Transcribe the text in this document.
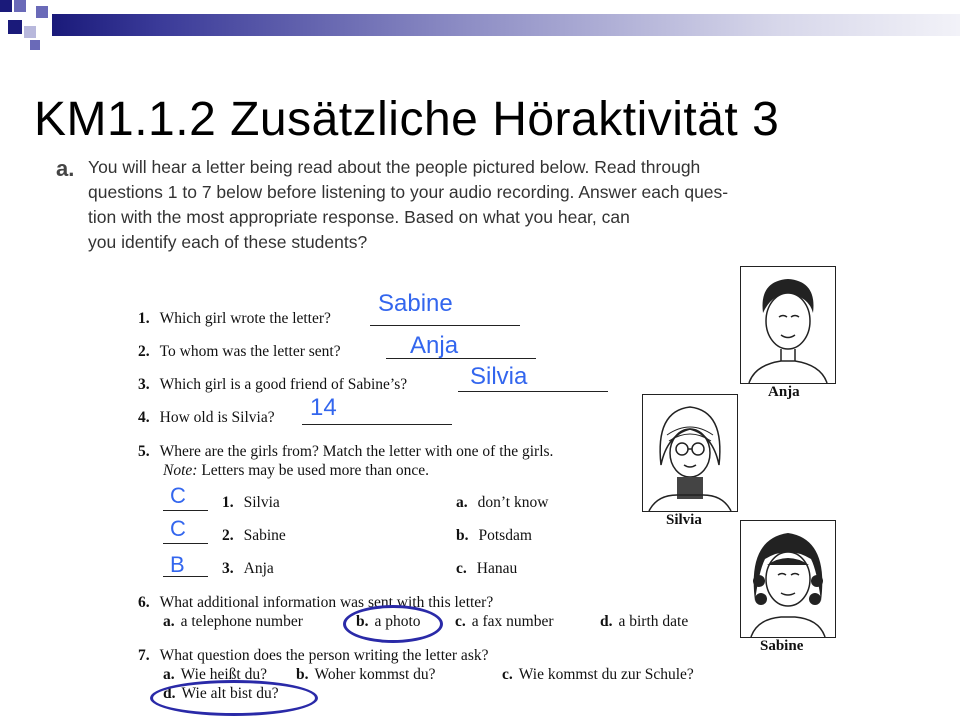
KM1.1.2 Zusätzliche Höraktivität 3
a. You will hear a letter being read about the people pictured below. Read through
questions 1 to 7 below before listening to your audio recording. Answer each ques-
tion with the most appropriate response. Based on what you hear, can
you identify each of these students?
1. Which girl wrote the letter?
Sabine
2. To whom was the letter sent?	Anja
3. Which girl is a good friend of Sabine’s?	Silvia
4. How old is Silvia? 14
5. Where are the girls from? Match the letter with one of the girls.
Note: Letters may be used more than once.
C 1. Silvia	a. don’t know
C 2. Sabine	b. Potsdam
B 3. Anja	c. Hanau
6. What additional information was sent with this letter?
a. a telephone number	b. a photo c. a fax number	d. a birth date
7. What question does the person writing the letter ask?
a. Wie heißt du? b. Woher kommst du?	c. Wie kommst du zur Schule?
d. Wie alt bist du?
Anja
Silvia
Sabine
